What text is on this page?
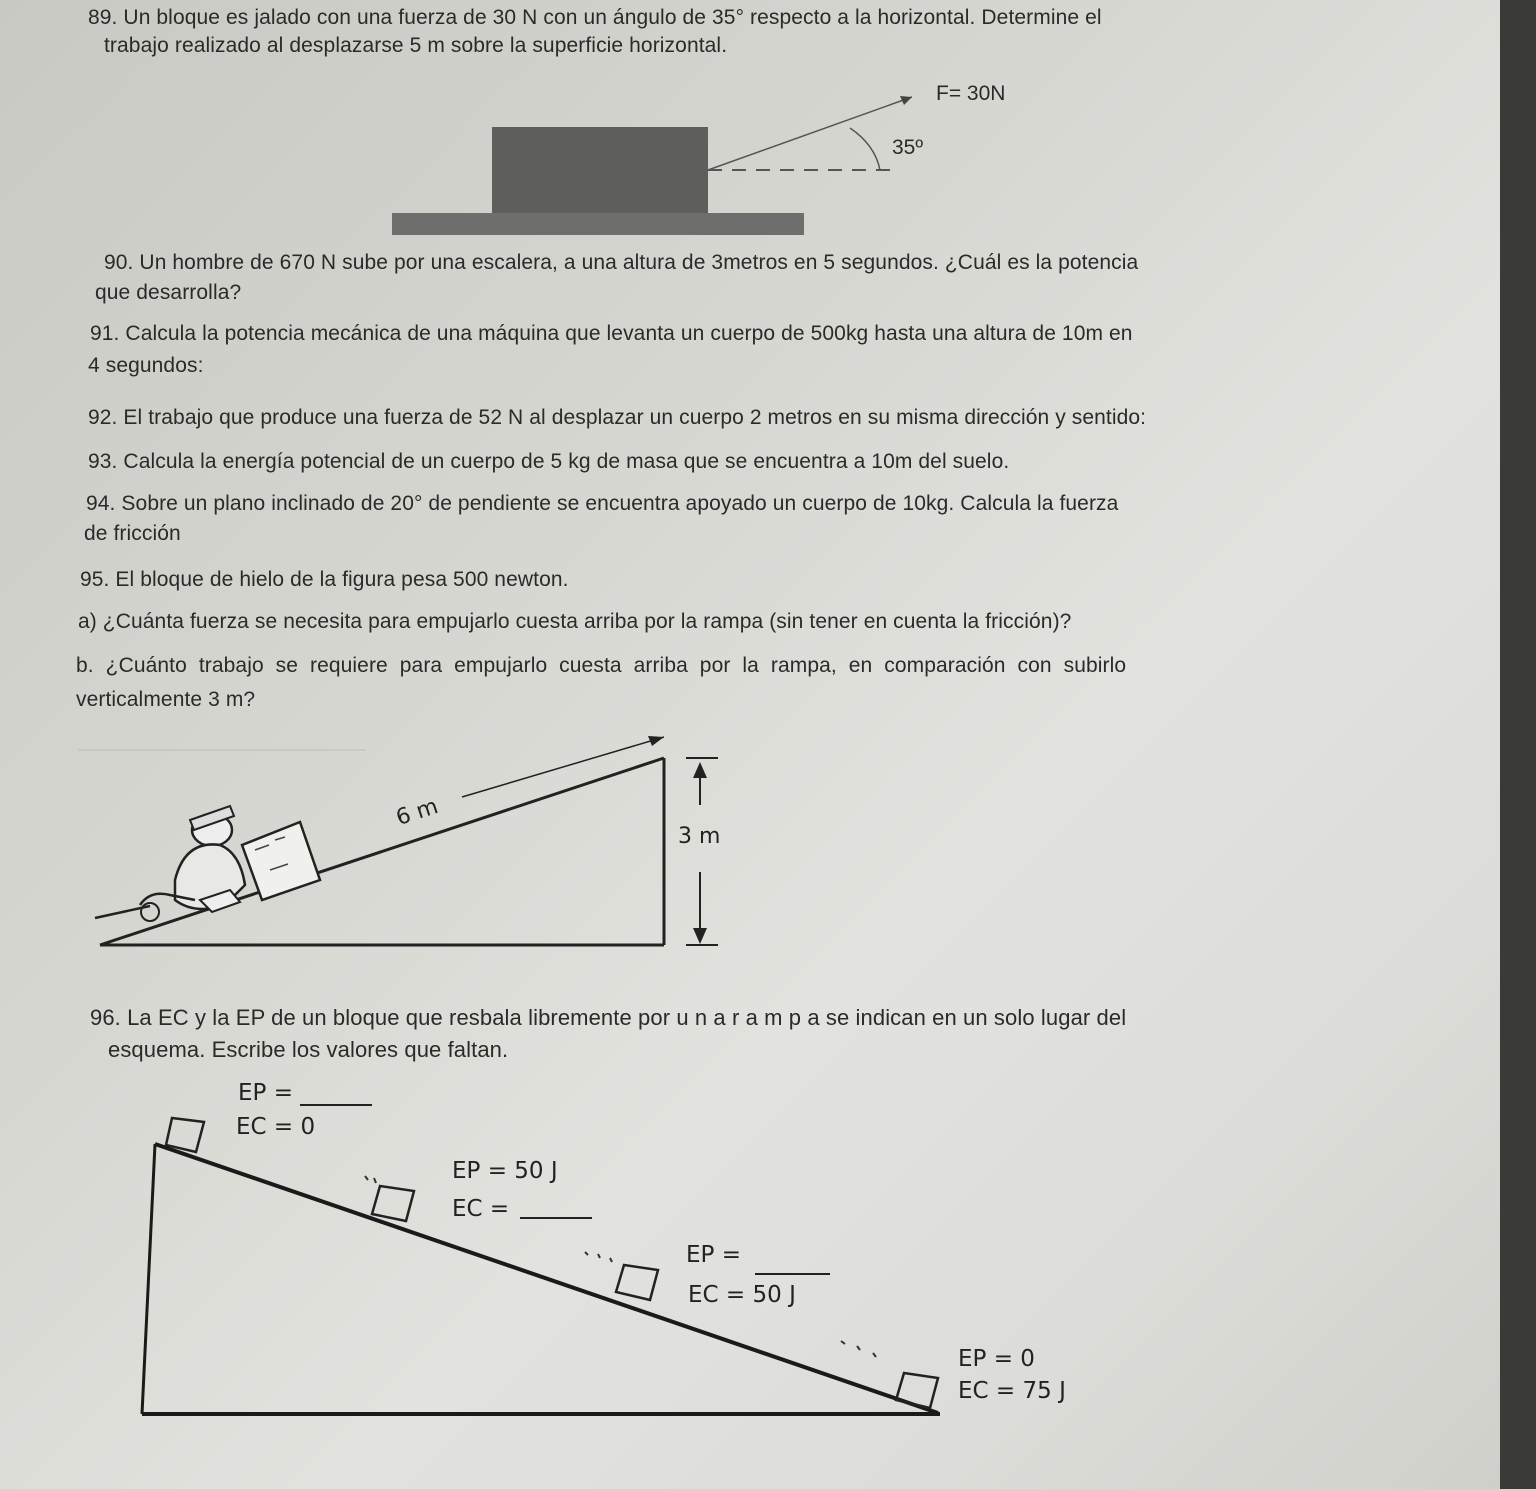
89. Un bloque es jalado con una fuerza de 30 N con un ángulo de 35° respecto a la horizontal. Determine el
trabajo realizado al desplazarse 5 m sobre la superficie horizontal.
F= 30N
35º
90. Un hombre de 670 N sube por una escalera, a una altura de 3metros en 5 segundos. ¿Cuál es la potencia
que desarrolla?
91. Calcula la potencia mecánica de una máquina que levanta un cuerpo de 500kg hasta una altura de 10m en
4 segundos:
92. El trabajo que produce una fuerza de 52 N al desplazar un cuerpo 2 metros en su misma dirección y sentido:
93. Calcula la energía potencial de un cuerpo de 5 kg de masa que se encuentra a 10m del suelo.
94. Sobre un plano inclinado de 20° de pendiente se encuentra apoyado un cuerpo de 10kg. Calcula la fuerza
de fricción
95. El bloque de hielo de la figura pesa 500 newton.
a) ¿Cuánta fuerza se necesita para empujarlo cuesta arriba por la rampa (sin tener en cuenta la fricción)?
b. ¿Cuánto trabajo se requiere para empujarlo cuesta arriba por la rampa, en comparación con subirlo
verticalmente 3 m?
6 m
3 m
96. La EC y la EP de un bloque que resbala libremente por u n a r a m p a se indican en un solo lugar del
esquema. Escribe los valores que faltan.
EP =
EC = 0
EP = 50 J
EC =
EP =
EC = 50 J
EP = 0
EC = 75 J
